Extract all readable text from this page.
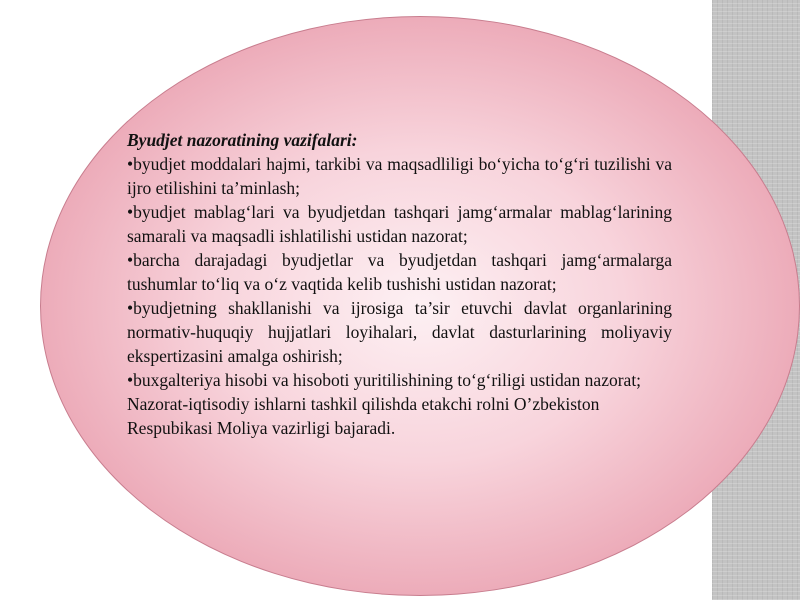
Byudjet nazoratining vazifalari:

•byudjet moddalari hajmi, tarkibi va maqsadliligi bo‘yicha to‘g‘ri tuzilishi va ijro etilishini ta’minlash;

•byudjet mablag‘lari va byudjetdan tashqari jamg‘armalar mablag‘larining samarali va maqsadli ishlatilishi ustidan nazorat;

•barcha darajadagi byudjetlar va byudjetdan tashqari jamg‘armalarga tushumlar to‘liq va o‘z vaqtida kelib tushishi ustidan nazorat;

•byudjetning shakllanishi va ijrosiga ta’sir etuvchi davlat organlarining normativ-huquqiy hujjatlari loyihalari, davlat dasturlarining moliyaviy ekspertizasini amalga oshirish;

•buxgalteriya hisobi va hisoboti yuritilishining to‘g‘riligi ustidan nazorat;

Nazorat-iqtisodiy ishlarni tashkil qilishda etakchi rolni O’zbekiston

Respubikasi Moliya vazirligi bajaradi.
